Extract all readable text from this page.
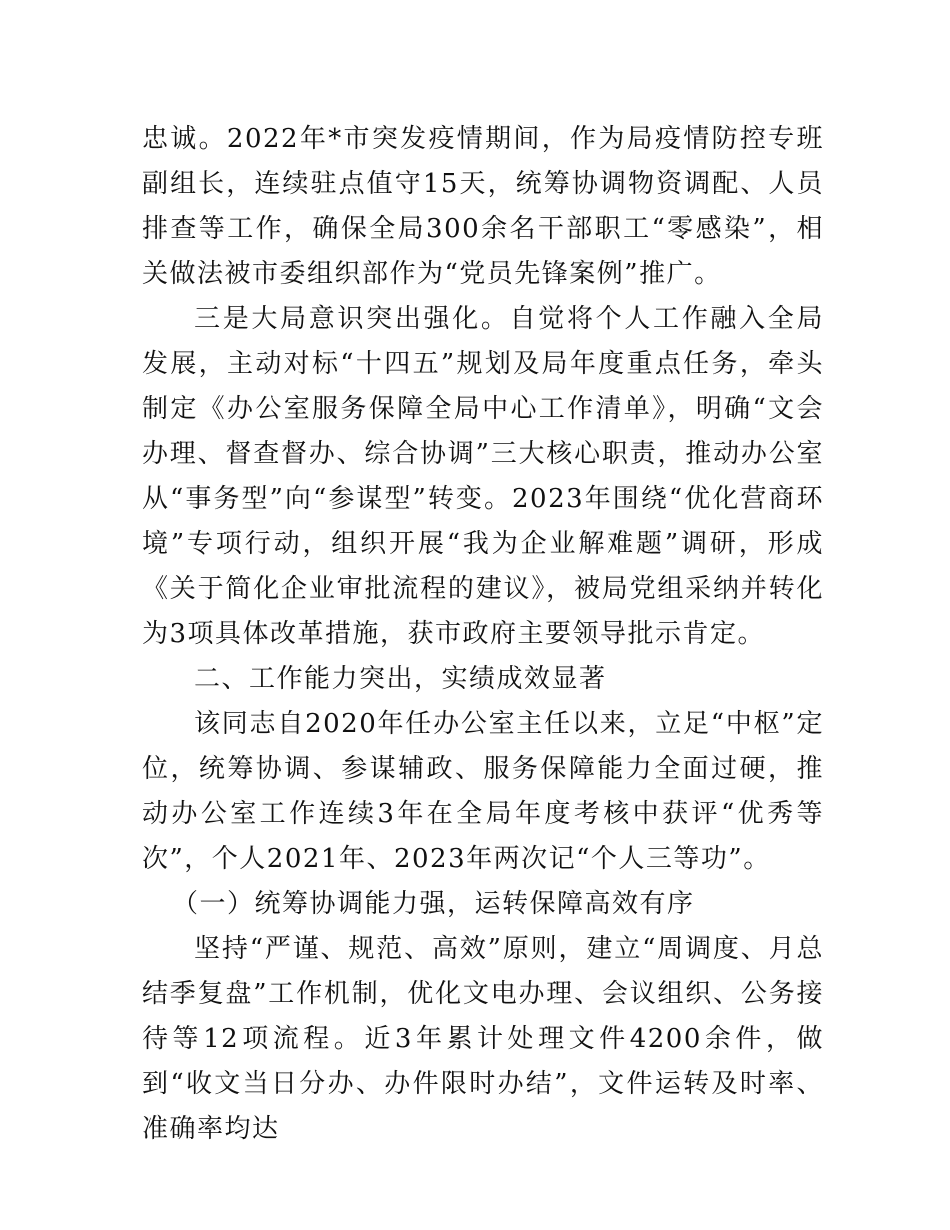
忠诚。2022年*市突发疫情期间，作为局疫情防控专班副组长，连续驻点值守15天，统筹协调物资调配、人员排查等工作，确保全局300余名干部职工“零感染”，相关做法被市委组织部作为“党员先锋案例”推广。

三是大局意识突出强化。自觉将个人工作融入全局发展，主动对标“十四五”规划及局年度重点任务，牵头制定《办公室服务保障全局中心工作清单》，明确“文会办理、督查督办、综合协调”三大核心职责，推动办公室从“事务型”向“参谋型”转变。2023年围绕“优化营商环境”专项行动，组织开展“我为企业解难题”调研，形成《关于简化企业审批流程的建议》，被局党组采纳并转化为3项具体改革措施，获市政府主要领导批示肯定。

二、工作能力突出，实绩成效显著

该同志自2020年任办公室主任以来，立足“中枢”定位，统筹协调、参谋辅政、服务保障能力全面过硬，推动办公室工作连续3年在全局年度考核中获评“优秀等次”，个人2021年、2023年两次记“个人三等功”。

（一）统筹协调能力强，运转保障高效有序

坚持“严谨、规范、高效”原则，建立“周调度、月总结季复盘”工作机制，优化文电办理、会议组织、公务接待等12项流程。近3年累计处理文件4200余件，做到“收文当日分办、办件限时办结”，文件运转及时率、准确率均达
